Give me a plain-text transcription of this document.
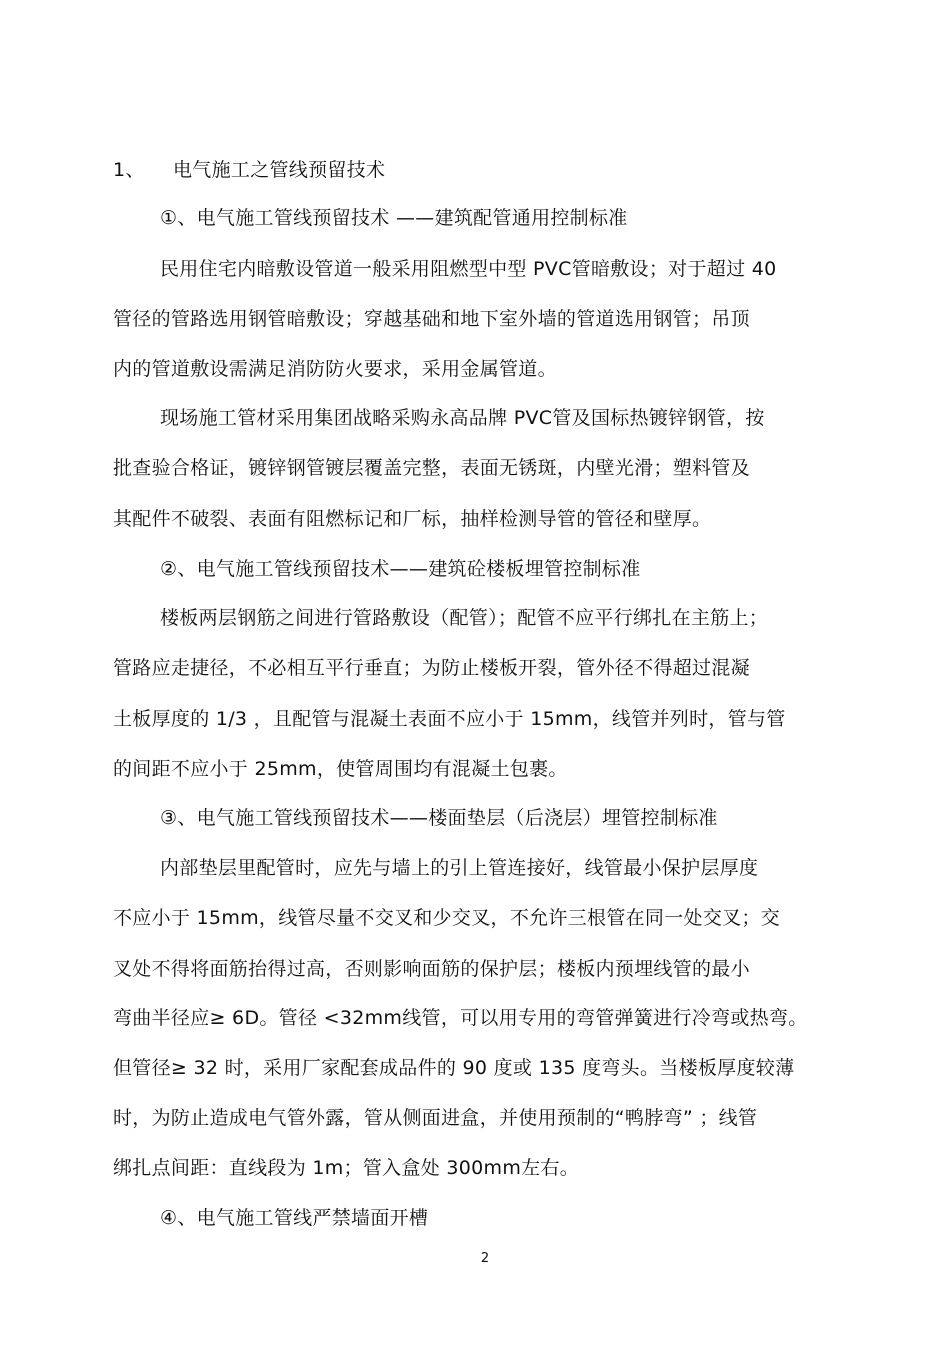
1、 电气施工之管线预留技术
①、电气施工管线预留技术 ——建筑配管通用控制标准
民用住宅内暗敷设管道一般采用阻燃型中型 PVC管暗敷设；对于超过 40
管径的管路选用钢管暗敷设；穿越基础和地下室外墙的管道选用钢管；吊顶
内的管道敷设需满足消防防火要求，采用金属管道。
现场施工管材采用集团战略采购永高品牌 PVC管及国标热镀锌钢管，按
批查验合格证，镀锌钢管镀层覆盖完整，表面无锈斑，内壁光滑；塑料管及
其配件不破裂、表面有阻燃标记和厂标，抽样检测导管的管径和壁厚。
②、电气施工管线预留技术——建筑砼楼板埋管控制标准
楼板两层钢筋之间进行管路敷设（配管）；配管不应平行绑扎在主筋上；
管路应走捷径，不必相互平行垂直；为防止楼板开裂，管外径不得超过混凝
土板厚度的 1/3 ，且配管与混凝土表面不应小于 15mm，线管并列时，管与管
的间距不应小于 25mm，使管周围均有混凝土包裹。
③、电气施工管线预留技术——楼面垫层（后浇层）埋管控制标准
内部垫层里配管时，应先与墙上的引上管连接好，线管最小保护层厚度
不应小于 15mm，线管尽量不交叉和少交叉，不允许三根管在同一处交叉；交
叉处不得将面筋抬得过高，否则影响面筋的保护层；楼板内预埋线管的最小
弯曲半径应≥ 6D。管径 <32mm线管，可以用专用的弯管弹簧进行冷弯或热弯。
但管径≥ 32 时，采用厂家配套成品件的 90 度或 135 度弯头。当楼板厚度较薄
时，为防止造成电气管外露，管从侧面进盒，并使用预制的“鸭脖弯” ；线管
绑扎点间距：直线段为 1m；管入盒处 300mm左右。
④、电气施工管线严禁墙面开槽
2
